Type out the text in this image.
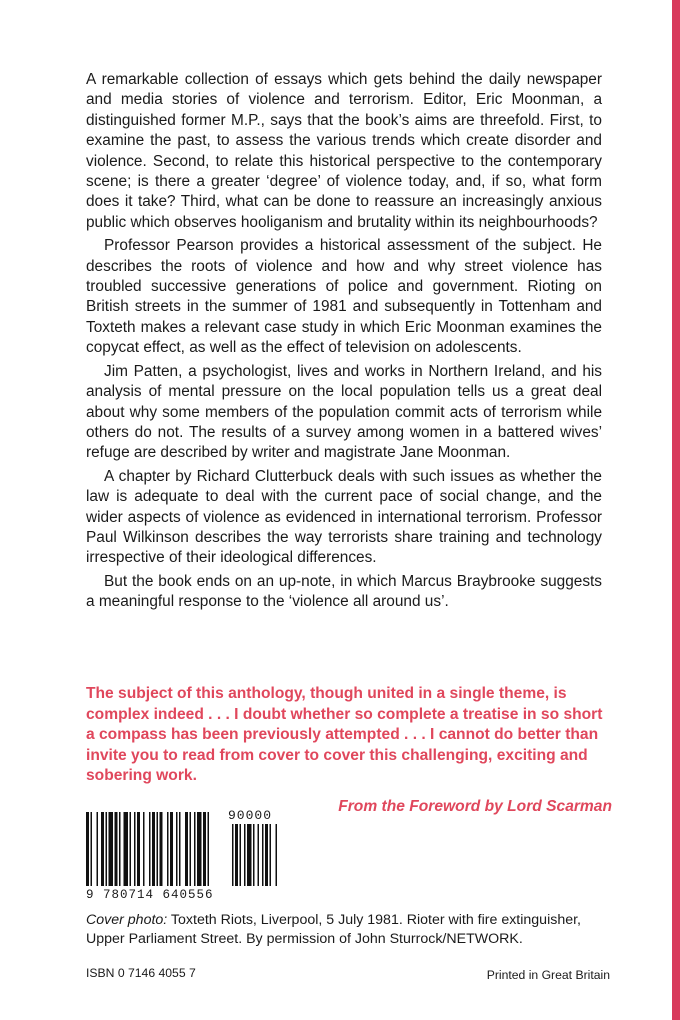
A remarkable collection of essays which gets behind the daily newspaper and media stories of violence and terrorism. Editor, Eric Moonman, a distinguished former M.P., says that the book’s aims are threefold. First, to examine the past, to assess the various trends which create disorder and violence. Second, to relate this historical perspective to the contemporary scene; is there a greater ‘degree’ of violence today, and, if so, what form does it take? Third, what can be done to reassure an increasingly anxious public which observes hooliganism and brutality within its neighbourhoods?

Professor Pearson provides a historical assessment of the subject. He describes the roots of violence and how and why street violence has troubled successive generations of police and government. Rioting on British streets in the summer of 1981 and subsequently in Tottenham and Toxteth makes a relevant case study in which Eric Moonman examines the copycat effect, as well as the effect of television on adolescents.

Jim Patten, a psychologist, lives and works in Northern Ireland, and his analysis of mental pressure on the local population tells us a great deal about why some members of the population commit acts of terrorism while others do not. The results of a survey among women in a battered wives’ refuge are described by writer and magistrate Jane Moonman.

A chapter by Richard Clutterbuck deals with such issues as whether the law is adequate to deal with the current pace of social change, and the wider aspects of violence as evidenced in international terrorism. Professor Paul Wilkinson describes the way terrorists share training and technology irrespective of their ideological differences.

But the book ends on an up-note, in which Marcus Braybrooke suggests a meaningful response to the ‘violence all around us’.

The subject of this anthology, though united in a single theme, is complex indeed . . . I doubt whether so complete a treatise in so short a compass has been previously attempted . . . I cannot do better than invite you to read from cover to cover this challenging, exciting and sobering work.

From the Foreword by Lord Scarman
90000
9 780714 640556

Cover photo: Toxteth Riots, Liverpool, 5 July 1981. Rioter with fire extinguisher, Upper Parliament Street. By permission of John Sturrock/NETWORK.

ISBN 0 7146 4055 7	Printed in Great Britain
